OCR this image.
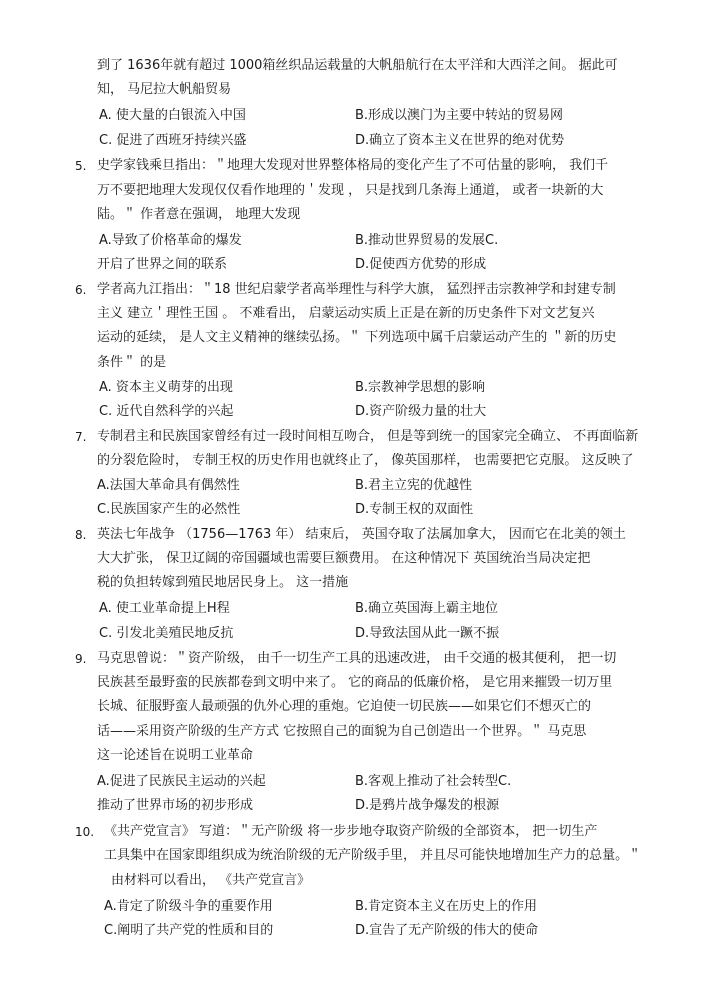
到了 1636年就有超过 1000箱丝织品运载量的大帆船航行在太平洋和大西洋之间。 据此可
知， 马尼拉大帆船贸易
A. 使大量的白银流入中国	B.形成以澳门为主要中转站的贸易网
C. 促进了西班牙持续兴盛	D.确立了资本主义在世界的绝对优势
5. 史学家钱乘旦指出：＂地理大发现对世界整体格局的变化产生了不可估量的影响， 我们千
万不要把地理大发现仅仅看作地理的＇发现 ， 只是找到几条海上通道， 或者一块新的大
陆。＂ 作者意在强调， 地理大发现
A.导致了价格革命的爆发	B.推动世界贸易的发展C.
开启了世界之间的联系	D.促使西方优势的形成
6. 学者高九江指出：＂18 世纪启蒙学者高举理性与科学大旗， 猛烈抨击宗教神学和封建专制
主义 建立＇理性王国 。 不难看出， 启蒙运动实质上正是在新的历史条件下对文艺复兴
运动的延续， 是人文主义精神的继续弘扬。＂ 下列选项中属千启蒙运动产生的 ＂新的历史
条件＂ 的是
A. 资本主义萌芽的出现	B.宗教神学思想的影响
C. 近代自然科学的兴起	D.资产阶级力量的壮大
7. 专制君主和民族国家曾经有过一段时间相互吻合， 但是等到统一的国家完全确立、 不再面临新
的分裂危险时， 专制王权的历史作用也就终止了， 像英国那样， 也需要把它克服。 这反映了
A.法国大革命具有偶然性	B.君主立宪的优越性
C.民族国家产生的必然性	D.专制王权的双面性
8. 英法七年战争 （1756—1763 年） 结束后， 英国夺取了法属加拿大， 因而它在北美的领土
大大扩张， 保卫辽阔的帝国疆域也需要巨额费用。 在这种情况下 英国统治当局决定把
税的负担转嫁到殖民地居民身上。 这一措施
A. 使工业革命提上H程	B.确立英国海上霸主地位
C. 引发北美殖民地反抗	D.导致法国从此一蹶不振
9. 马克思曾说：＂资产阶级， 由千一切生产工具的迅速改进， 由千交通的极其便利， 把一切
民族甚至最野蛮的民族都卷到文明中来了。 它的商品的低廉价格， 是它用来摧毁一切万里
长城、征服野蛮人最顽强的仇外心理的重炮。它迫使一切民族——如果它们不想灭亡的
话——采用资产阶级的生产方式 它按照自己的面貌为自己创造出一个世界。＂ 马克思
这一论述旨在说明工业革命
A.促进了民族民主运动的兴起	B.客观上推动了社会转型C.
推动了世界市场的初步形成	D.是鸦片战争爆发的根源
10. 《共产党宣言》 写道：＂无产阶级 将一步步地夺取资产阶级的全部资本， 把一切生产
工具集中在国家即组织成为统治阶级的无产阶级手里， 并且尽可能快地增加生产力的总量。＂
由材料可以看出， 《共产党宣言》
A.肯定了阶级斗争的重要作用	B.肯定资本主义在历史上的作用
C.阐明了共产党的性质和目的	D.宣告了无产阶级的伟大的使命
